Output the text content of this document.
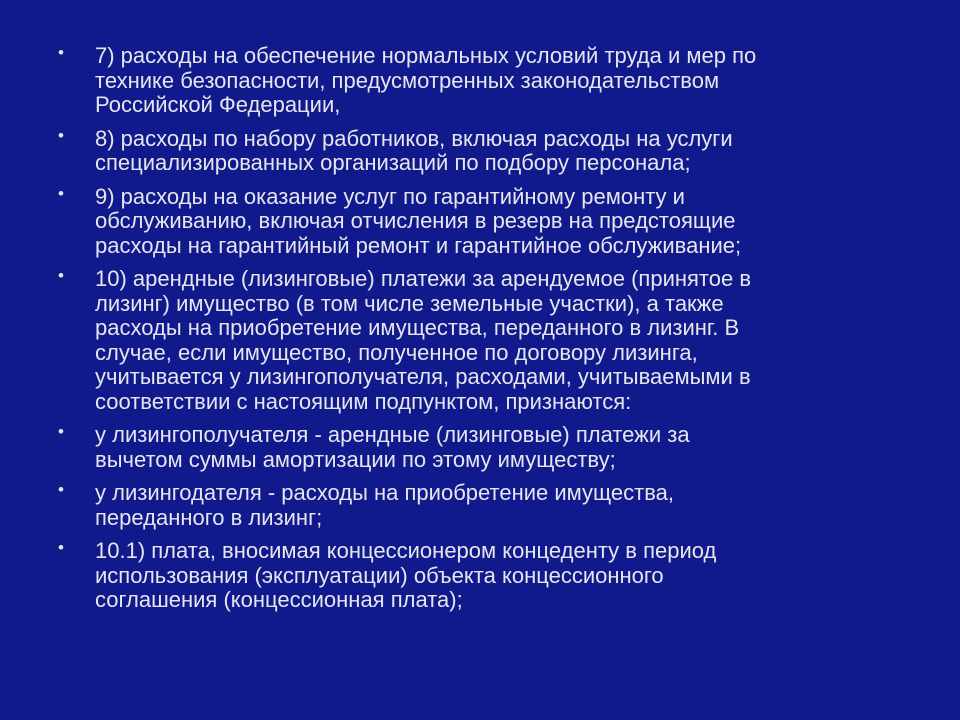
• 7) расходы на обеспечение нормальных условий труда и мер по
технике безопасности, предусмотренных законодательством
Российской Федерации,
• 8) расходы по набору работников, включая расходы на услуги
специализированных организаций по подбору персонала;
• 9) расходы на оказание услуг по гарантийному ремонту и
обслуживанию, включая отчисления в резерв на предстоящие
расходы на гарантийный ремонт и гарантийное обслуживание;
• 10) арендные (лизинговые) платежи за арендуемое (принятое в
лизинг) имущество (в том числе земельные участки), а также
расходы на приобретение имущества, переданного в лизинг. В
случае, если имущество, полученное по договору лизинга,
учитывается у лизингополучателя, расходами, учитываемыми в
соответствии с настоящим подпунктом, признаются:
• у лизингополучателя - арендные (лизинговые) платежи за
вычетом суммы амортизации по этому имуществу;
• у лизингодателя - расходы на приобретение имущества,
переданного в лизинг;
• 10.1) плата, вносимая концессионером концеденту в период
использования (эксплуатации) объекта концессионного
соглашения (концессионная плата);
